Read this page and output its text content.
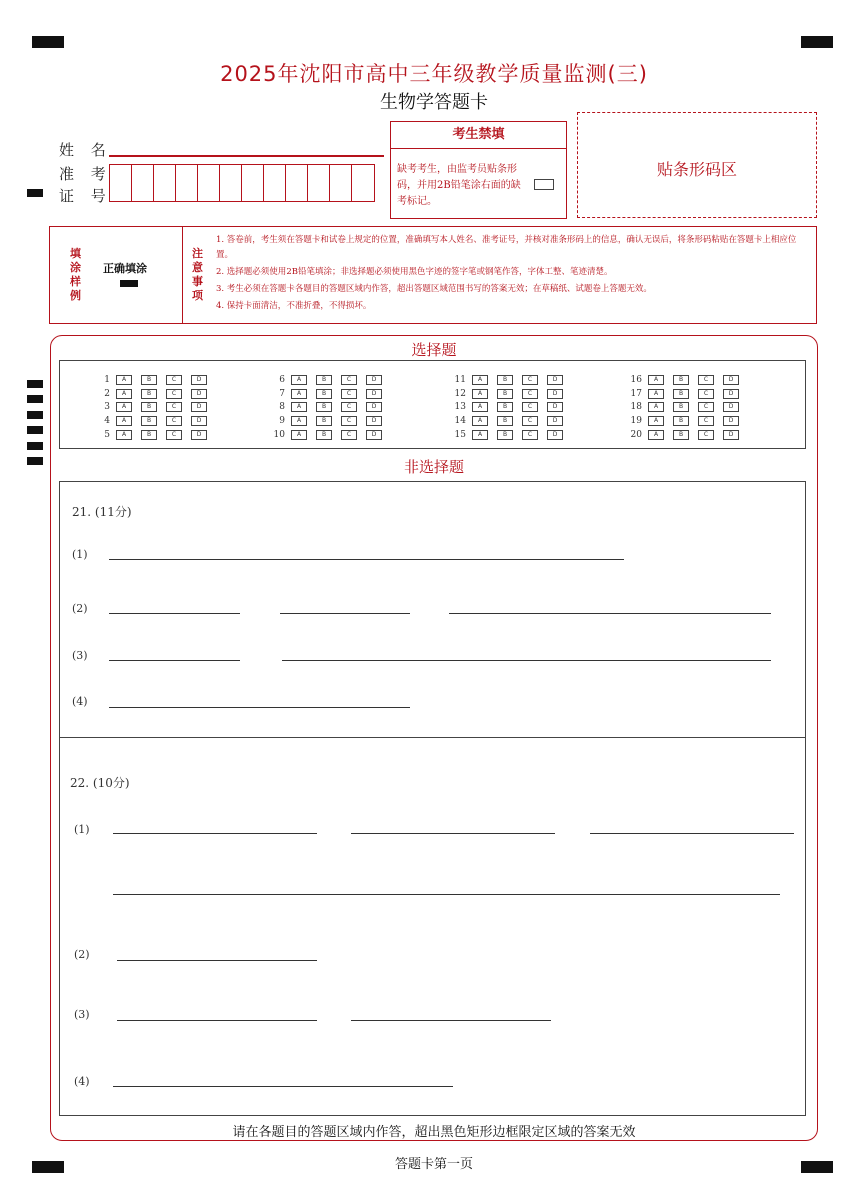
2025年沈阳市高中三年级教学质量监测(三)
生物学答题卡
姓 名
准 考
证 号
考生禁填
缺考考生，由监考员贴条形码，并用2B铅笔涂右面的缺考标记。
贴条形码区
填涂样例
正确填涂
注意事项
1. 答卷前，考生须在答题卡和试卷上规定的位置，准确填写本人姓名、准考证号，并核对准条形码上的信息，确认无误后，将条形码粘贴在答题卡上相应位置。
2. 选择题必须使用2B铅笔填涂；非选择题必须使用黑色字迹的签字笔或钢笔作答，字体工整、笔迹清楚。
3. 考生必须在答题卡各题目的答题区域内作答，超出答题区域范围书写的答案无效；在草稿纸、试题卷上答题无效。
4. 保持卡面清洁，不准折叠，不得损坏。
选择题
1	A	B	C	D
2	A	B	C	D
3	A	B	C	D
4	A	B	C	D
5	A	B	C	D
6	A	B	C	D
7	A	B	C	D
8	A	B	C	D
9	A	B	C	D
10	A	B	C	D
11	A	B	C	D
12	A	B	C	D
13	A	B	C	D
14	A	B	C	D
15	A	B	C	D
16	A	B	C	D
17	A	B	C	D
18	A	B	C	D
19	A	B	C	D
20	A	B	C	D
非选择题
21. (11分)
(1)
(2)
(3)
(4)
22. (10分)
(1)
(2)
(3)
(4)
请在各题目的答题区域内作答，超出黑色矩形边框限定区域的答案无效
答题卡第一页
